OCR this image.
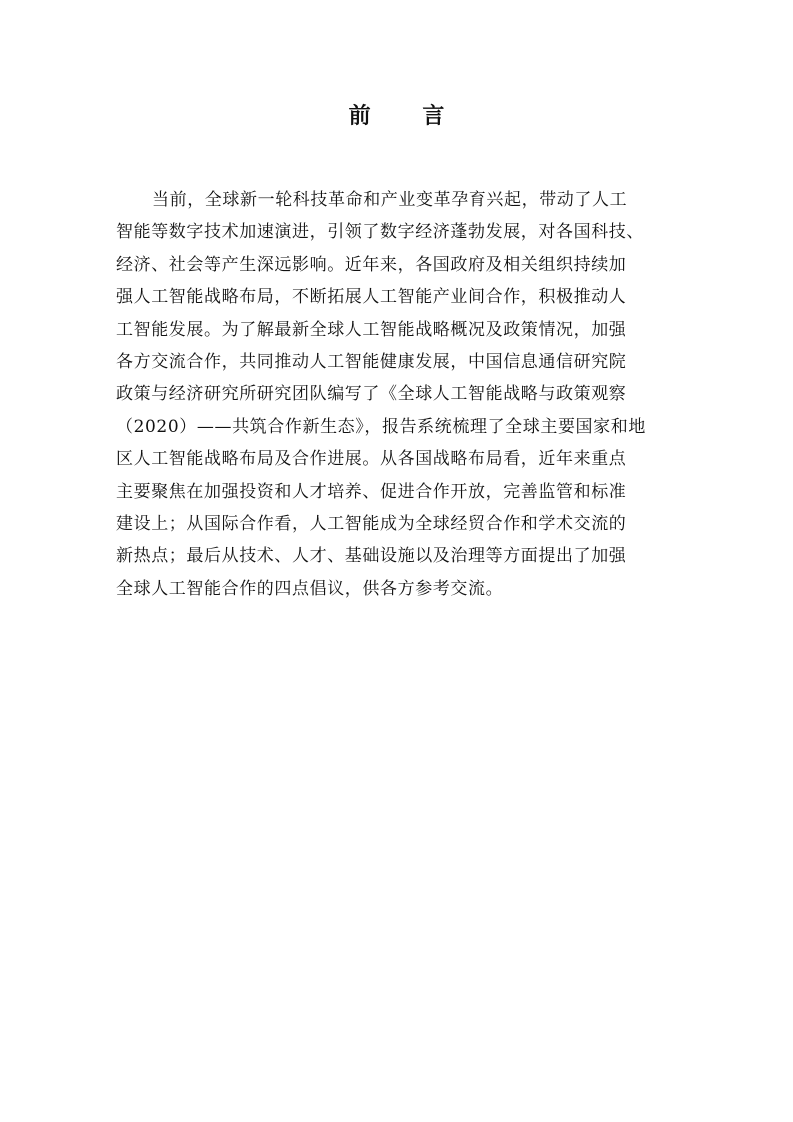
前 言
当前，全球新一轮科技革命和产业变革孕育兴起，带动了人工
智能等数字技术加速演进，引领了数字经济蓬勃发展，对各国科技、
经济、社会等产生深远影响。近年来，各国政府及相关组织持续加
强人工智能战略布局，不断拓展人工智能产业间合作，积极推动人
工智能发展。为了解最新全球人工智能战略概况及政策情况，加强
各方交流合作，共同推动人工智能健康发展，中国信息通信研究院
政策与经济研究所研究团队编写了《全球人工智能战略与政策观察
（2020）——共筑合作新生态》，报告系统梳理了全球主要国家和地
区人工智能战略布局及合作进展。从各国战略布局看，近年来重点
主要聚焦在加强投资和人才培养、促进合作开放，完善监管和标准
建设上；从国际合作看，人工智能成为全球经贸合作和学术交流的
新热点；最后从技术、人才、基础设施以及治理等方面提出了加强
全球人工智能合作的四点倡议，供各方参考交流。
